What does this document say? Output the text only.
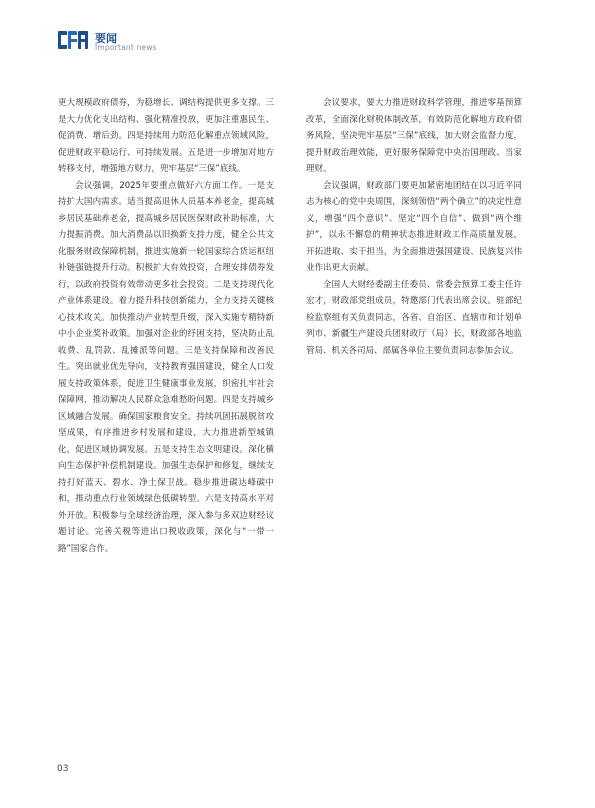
要闻
Important news

更大规模政府债券，为稳增长、调结构提供更多支撑。三是大力优化支出结构、强化精准投放，更加注重惠民生、促消费、增后劲。四是持续用力防范化解重点领域风险，促进财政平稳运行、可持续发展。五是进一步增加对地方转移支付，增强地方财力，兜牢基层“三保”底线。

会议强调，2025年要重点做好六方面工作。一是支持扩大国内需求。适当提高退休人员基本养老金，提高城乡居民基础养老金，提高城乡居民医保财政补助标准，大力提振消费。加大消费品以旧换新支持力度，健全公共文化服务财政保障机制，推进实施新一轮国家综合货运枢纽补链强链提升行动。积极扩大有效投资，合理安排债券发行，以政府投资有效带动更多社会投资。二是支持现代化产业体系建设。着力提升科技创新能力，全力支持关键核心技术攻关。加快推动产业转型升级，深入实施专精特新中小企业奖补政策。加强对企业的纾困支持，坚决防止乱收费、乱罚款、乱摊派等问题。三是支持保障和改善民生。突出就业优先导向，支持教育强国建设，健全人口发展支持政策体系，促进卫生健康事业发展，织密扎牢社会保障网，推动解决人民群众急难愁盼问题。四是支持城乡区域融合发展。确保国家粮食安全，持续巩固拓展脱贫攻坚成果，有序推进乡村发展和建设，大力推进新型城镇化，促进区域协调发展。五是支持生态文明建设。深化横向生态保护补偿机制建设。加强生态保护和修复，继续支持打好蓝天、碧水、净土保卫战。稳步推进碳达峰碳中和，推动重点行业领域绿色低碳转型。六是支持高水平对外开放。积极参与全球经济治理，深入参与多双边财经议题讨论。完善关税等进出口税收政策，深化与“一带一路”国家合作。

会议要求，要大力推进财政科学管理，推进零基预算改革，全面深化财税体制改革，有效防范化解地方政府债务风险，坚决兜牢基层“三保”底线，加大财会监督力度，提升财政治理效能，更好服务保障党中央治国理政、当家理财。

会议强调，财政部门要更加紧密地团结在以习近平同志为核心的党中央周围，深刻领悟“两个确立”的决定性意义，增强“四个意识”、坚定“四个自信”、做到“两个维护”，以永不懈怠的精神状态推进财政工作高质量发展，开拓进取、实干担当，为全面推进强国建设、民族复兴伟业作出更大贡献。

全国人大财经委副主任委员、常委会预算工委主任许宏才，财政部党组成员，特邀部门代表出席会议。驻部纪检监察组有关负责同志，各省、自治区、直辖市和计划单列市、新疆生产建设兵团财政厅（局）长，财政部各地监管局、机关各司局、部属各单位主要负责同志参加会议。

03
